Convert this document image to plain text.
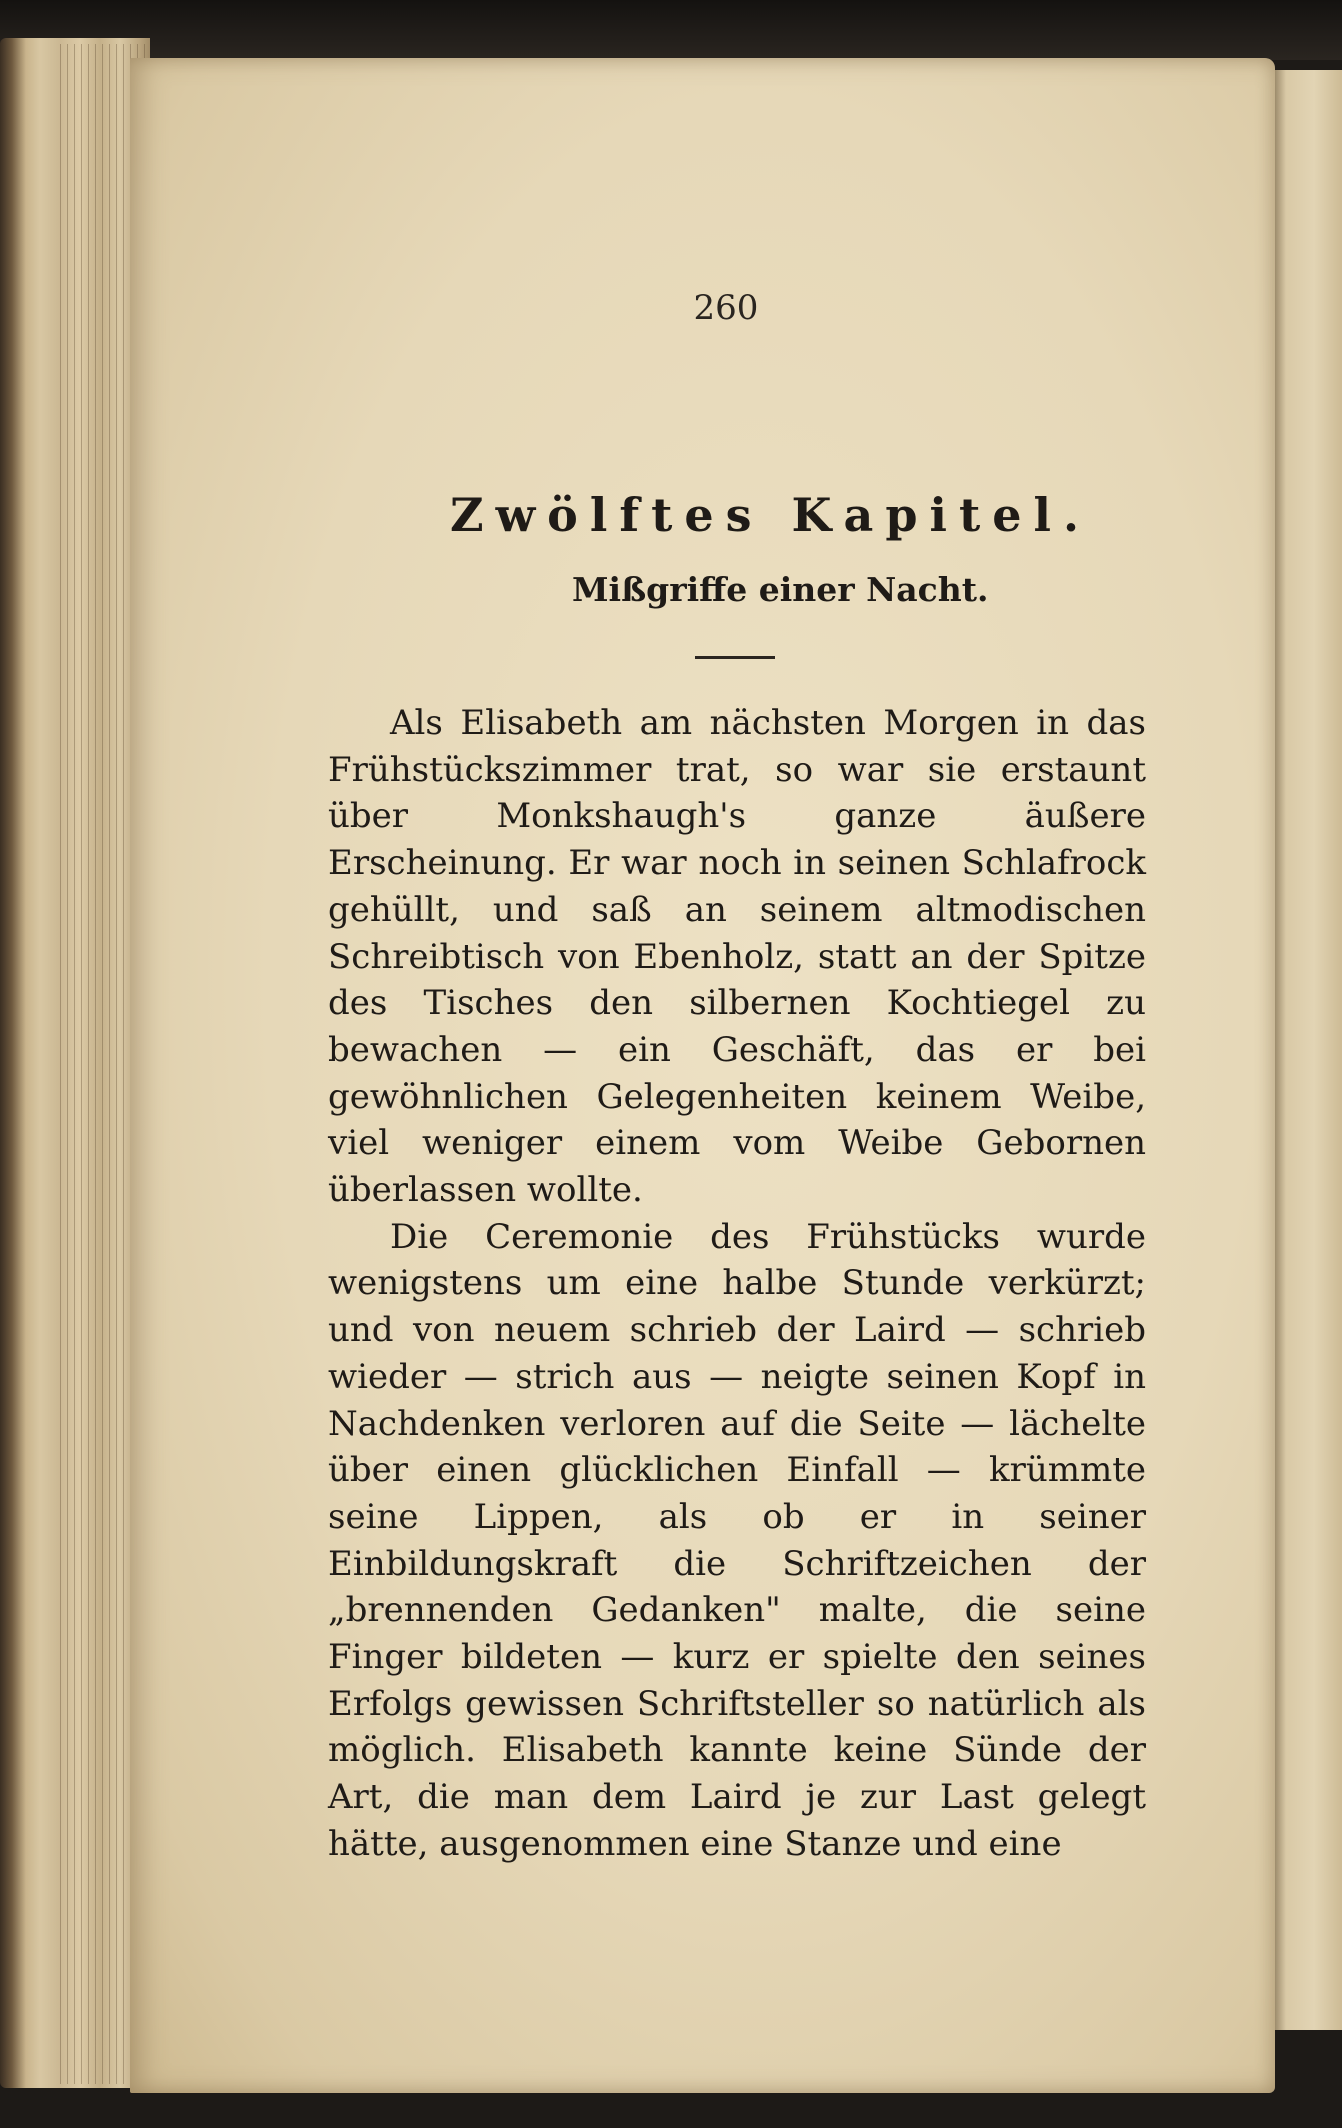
260
Zwölftes Kapitel.
Mißgriffe einer Nacht.

Als Elisabeth am nächsten Morgen in das Frühstückszimmer trat, so war sie erstaunt über Monkshaugh's ganze äußere Erscheinung. Er war noch in seinen Schlafrock gehüllt, und saß an seinem altmodischen Schreibtisch von Ebenholz, statt an der Spitze des Tisches den silbernen Kochtiegel zu bewachen — ein Geschäft, das er bei gewöhnlichen Gelegenheiten keinem Weibe, viel weniger einem vom Weibe Gebornen überlassen wollte.

Die Ceremonie des Frühstücks wurde wenigstens um eine halbe Stunde verkürzt; und von neuem schrieb der Laird — schrieb wieder — strich aus — neigte seinen Kopf in Nachdenken verloren auf die Seite — lächelte über einen glücklichen Einfall — krümmte seine Lippen, als ob er in seiner Einbildungskraft die Schriftzeichen der „brennenden Gedanken" malte, die seine Finger bildeten — kurz er spielte den seines Erfolgs gewissen Schriftsteller so natürlich als möglich. Elisabeth kannte keine Sünde der Art, die man dem Laird je zur Last gelegt hätte, ausgenommen eine Stanze und eine
